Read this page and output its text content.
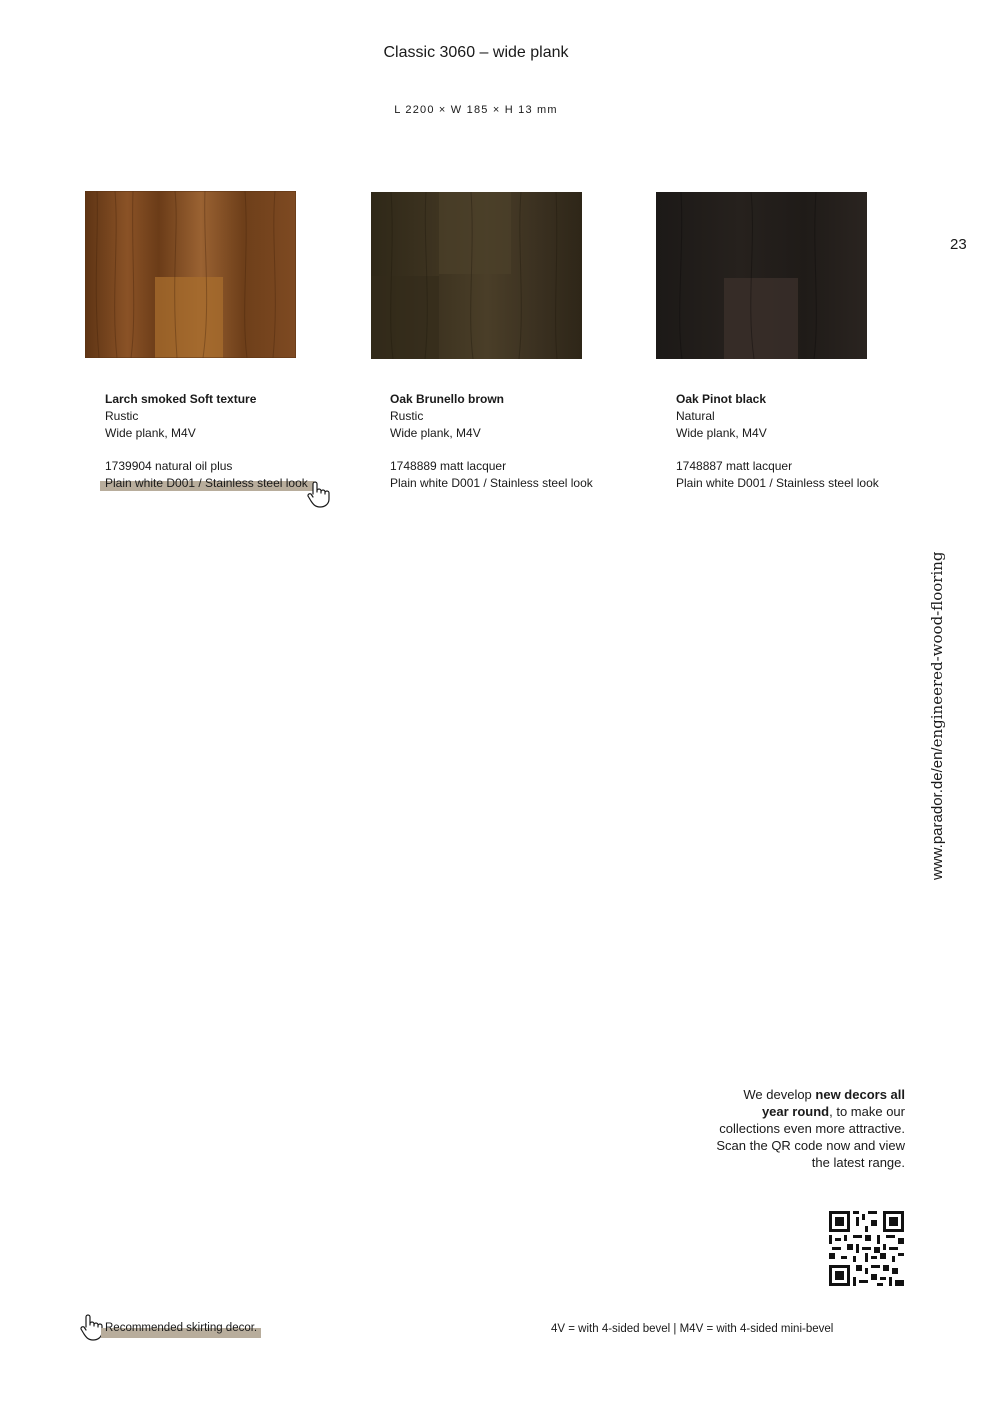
Classic 3060 – wide plank
L 2200 × W 185 × H 13 mm
23
Larch smoked Soft texture
Rustic
Wide plank, M4V
1739904 natural oil plus
Plain white D001 / Stainless steel look
Oak Brunello brown
Rustic
Wide plank, M4V
1748889 matt lacquer
Plain white D001 / Stainless steel look
Oak Pinot black
Natural
Wide plank, M4V
1748887 matt lacquer
Plain white D001 / Stainless steel look
www.parador.de/en/engineered-wood-flooring
We develop new decors all year round, to make our collections even more attractive. Scan the QR code now and view the latest range.
Recommended skirting decor.	4V = with 4-sided bevel | M4V = with 4-sided mini-bevel
